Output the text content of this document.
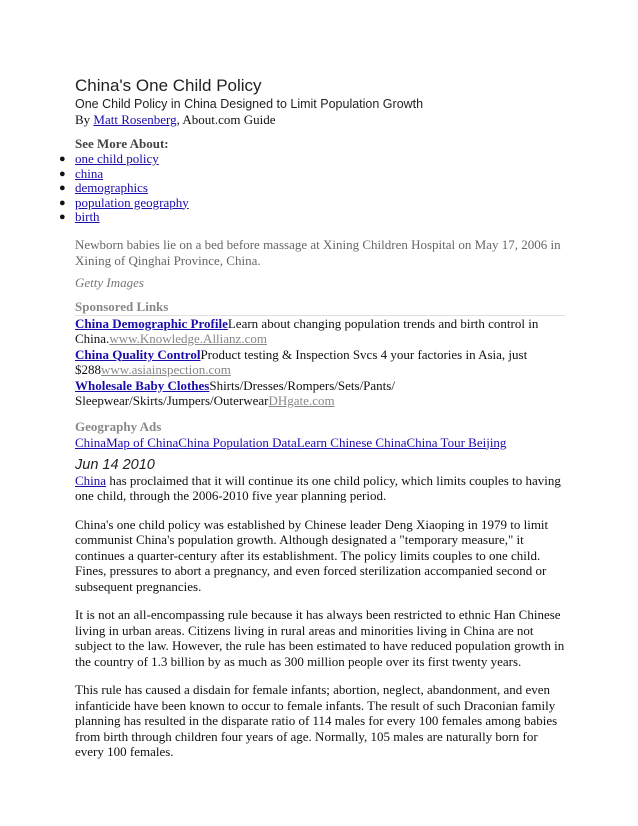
China's One Child Policy
One Child Policy in China Designed to Limit Population Growth
By Matt Rosenberg, About.com Guide
See More About:
● one child policy
● china
● demographics
● population geography
● birth
Newborn babies lie on a bed before massage at Xining Children Hospital on May 17, 2006 in Xining of Qinghai Province, China.
Getty Images
Sponsored Links
China Demographic ProfileLearn about changing population trends and birth control in China.www.Knowledge.Allianz.com
China Quality ControlProduct testing & Inspection Svcs 4 your factories in Asia, just $288www.asiainspection.com
Wholesale Baby ClothesShirts/Dresses/Rompers/Sets/Pants/ Sleepwear/Skirts/Jumpers/OuterwearDHgate.com
Geography Ads
ChinaMap of ChinaChina Population DataLearn Chinese ChinaChina Tour Beijing
Jun 14 2010

China has proclaimed that it will continue its one child policy, which limits couples to having one child, through the 2006-2010 five year planning period.

China's one child policy was established by Chinese leader Deng Xiaoping in 1979 to limit communist China's population growth. Although designated a "temporary measure," it continues a quarter-century after its establishment. The policy limits couples to one child. Fines, pressures to abort a pregnancy, and even forced sterilization accompanied second or subsequent pregnancies.

It is not an all-encompassing rule because it has always been restricted to ethnic Han Chinese living in urban areas. Citizens living in rural areas and minorities living in China are not subject to the law. However, the rule has been estimated to have reduced population growth in the country of 1.3 billion by as much as 300 million people over its first twenty years.

This rule has caused a disdain for female infants; abortion, neglect, abandonment, and even infanticide have been known to occur to female infants. The result of such Draconian family planning has resulted in the disparate ratio of 114 males for every 100 females among babies from birth through children four years of age. Normally, 105 males are naturally born for every 100 females.
